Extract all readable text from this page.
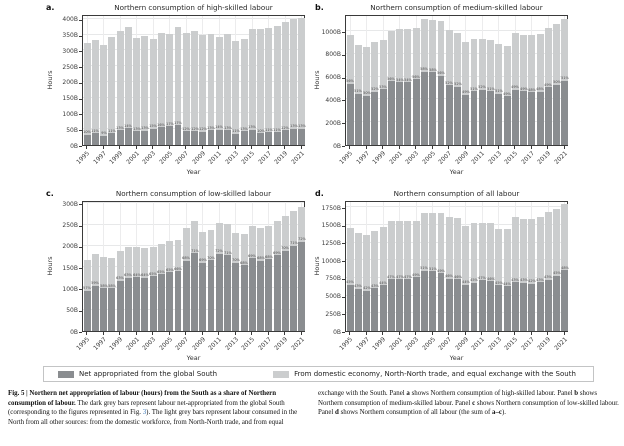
a.	Northern consumption of high-skilled labour
Hours
10% 11%
9%
11%
13% 14%
13% 13% 15% 16% 17% 17%
12% 12% 12% 13% 14% 13%
11%
13% 13%
10% 11% 11% 12% 13% 13%
Year
0B
50B
100B
150B
200B
250B
300B
350B
400B
1995 1997 1999 2001 2003 2005 2007 2009 2011 2013 2015 2017 2019 2021
b.	Northern consumption of medium-skilled labour
Hours	56%
51%
50%
52%
53%
56% 54% 54%
56%
58% 58%
56%
52% 52%
49%
51% 52% 51%
51%
49%
49% 49% 48% 48%
49%
50%
51%
Year
0B
200B
400B
600B
800B
1000B
1995 1997 1999 2001 2003 2005 2007 2009 2011 2013 2015 2017 2019 2021
c.	Northern consumption of low-skilled labour
Hours
57%
59%
58% 58%
63%
63% 64% 64% 65% 65%
65% 66%
68%
71%
69%
70%
72% 71%
70%
68%
69%
68% 68%
69%
70%
71%
72%
Year
0B
50B
100B
150B
200B
250B
300B
1995 1997 1999 2001 2003 2005 2007 2009 2011 2013 2015 2017 2019 2021
d.	Northern consumption of all labour
Hours
45%
43% 42%
43%
44%
47% 47% 47%
49%
51% 51%
49%
46% 46%
44%
45%
47% 46%
45% 44%
43% 43% 42% 43%
43%
45%
48%
Year
0B
250B
500B
750B
1000B
1250B
1500B
1750B
1995 1997 1999 2001 2003 2005 2007 2009 2011 2013 2015 2017 2019 2021
Net appropriated from the global South	From domestic economy, North-North trade, and equal exchange with the South
Fig. 5 | Northern net appropriation of labour (hours) from the South as a share of Northern consumption of labour. The dark grey bars represent labour net-appropriated from the global South (corresponding to the figures represented in Fig. 3). The light grey bars represent labour consumed in the North from all other sources: from the domestic workforce, from North-North trade, and from equal
exchange with the South. Panel a shows Northern consumption of high-skilled labour. Panel b shows Northern consumption of medium-skilled labour. Panel c shows Northern consumption of low-skilled labour. Panel d shows Northern consumption of all labour (the sum of a–c).
